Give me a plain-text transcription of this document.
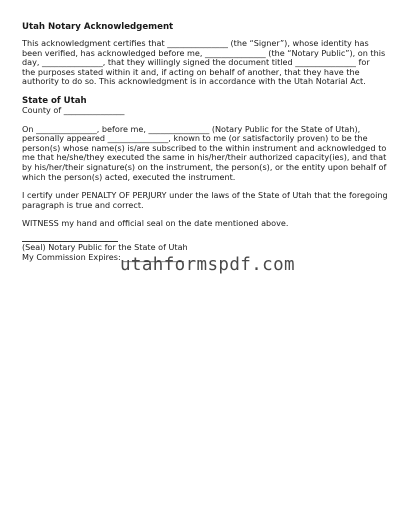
Utah Notary Acknowledgement

This acknowledgment certifies that _______________ (the “Signer”), whose identity has

been verified, has acknowledged before me, _______________ (the “Notary Public”), on this

day, _______________, that they willingly signed the document titled _______________ for

the purposes stated within it and, if acting on behalf of another, that they have the

authority to do so. This acknowledgment is in accordance with the Utah Notarial Act.

State of Utah

County of _______________

On _______________, before me, _______________ (Notary Public for the State of Utah),

personally appeared _______________, known to me (or satisfactorily proven) to be the

person(s) whose name(s) is/are subscribed to the within instrument and acknowledged to

me that he/she/they executed the same in his/her/their authorized capacity(ies), and that

by his/her/their signature(s) on the instrument, the person(s), or the entity upon behalf of

which the person(s) acted, executed the instrument.

I certify under PENALTY OF PERJURY under the laws of the State of Utah that the foregoing

paragraph is true and correct.

WITNESS my hand and official seal on the date mentioned above.

(Seal) Notary Public for the State of Utah

My Commission Expires: _______________

utahformspdf.com
